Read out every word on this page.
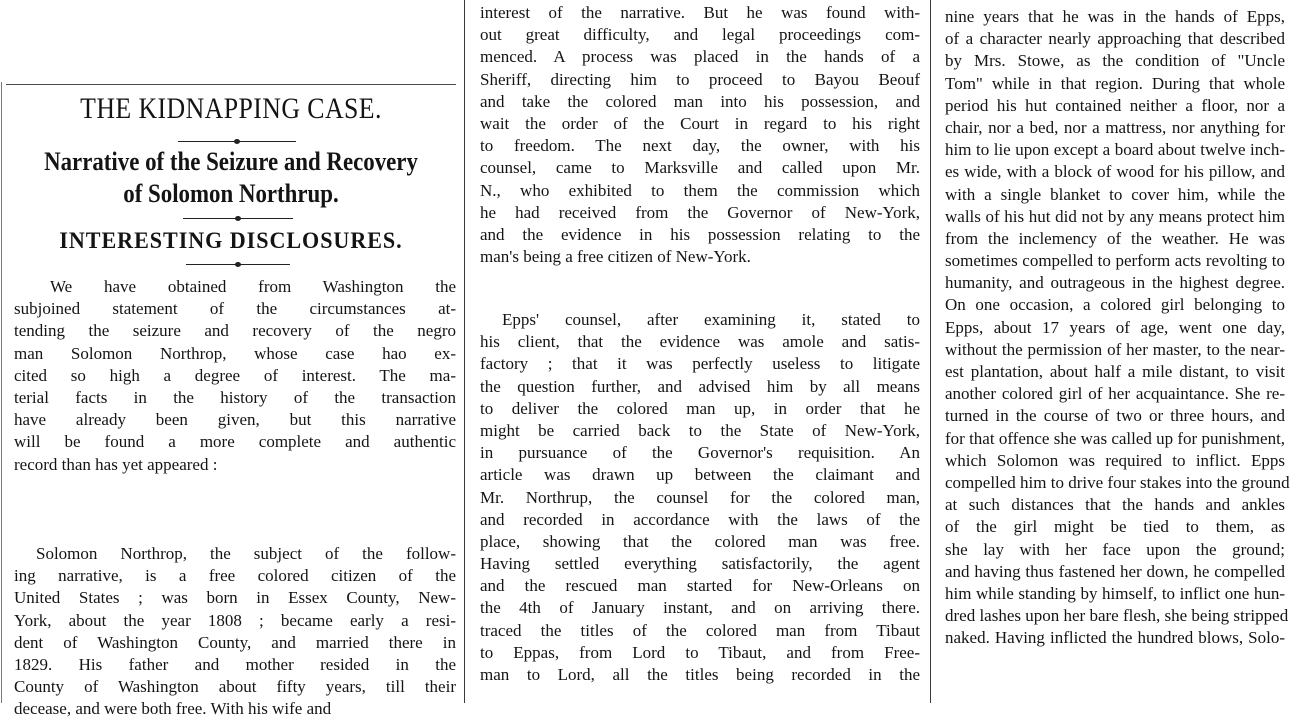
THE KIDNAPPING CASE.
Narrative of the Seizure and Recovery
of Solomon Northrup.
INTERESTING DISCLOSURES.
We have obtained from Washington the
subjoined statement of the circumstances at-
tending the seizure and recovery of the negro
man Solomon Northrop, whose case hao ex-
cited so high a degree of interest. The ma-
terial facts in the history of the transaction
have already been given, but this narrative
will be found a more complete and authentic
record than has yet appeared :
Solomon Northrop, the subject of the follow-
ing narrative, is a free colored citizen of the
United States ; was born in Essex County, New-
York, about the year 1808 ; became early a resi-
dent of Washington County, and married there in
1829. His father and mother resided in the
County of Washington about fifty years, till their
decease, and were both free. With his wife and
interest of the narrative. But he was found with-
out great difficulty, and legal proceedings com-
menced. A process was placed in the hands of a
Sheriff, directing him to proceed to Bayou Beouf
and take the colored man into his possession, and
wait the order of the Court in regard to his right
to freedom. The next day, the owner, with his
counsel, came to Marksville and called upon Mr.
N., who exhibited to them the commission which
he had received from the Governor of New-York,
and the evidence in his possession relating to the
man's being a free citizen of New-York.
Epps' counsel, after examining it, stated to
his client, that the evidence was amole and satis-
factory ; that it was perfectly useless to litigate
the question further, and advised him by all means
to deliver the colored man up, in order that he
might be carried back to the State of New-York,
in pursuance of the Governor's requisition. An
article was drawn up between the claimant and
Mr. Northrup, the counsel for the colored man,
and recorded in accordance with the laws of the
place, showing that the colored man was free.
Having settled everything satisfactorily, the agent
and the rescued man started for New-Orleans on
the 4th of January instant, and on arriving there.
traced the titles of the colored man from Tibaut
to Eppas, from Lord to Tibaut, and from Free-
man to Lord, all the titles being recorded in the
nine years that he was in the hands of Epps,
of a character nearly approaching that described
by Mrs. Stowe, as the condition of "Uncle
Tom" while in that region. During that whole
period his hut contained neither a floor, nor a
chair, nor a bed, nor a mattress, nor anything for
him to lie upon except a board about twelve inch-
es wide, with a block of wood for his pillow, and
with a single blanket to cover him, while the
walls of his hut did not by any means protect him
from the inclemency of the weather. He was
sometimes compelled to perform acts revolting to
humanity, and outrageous in the highest degree.
On one occasion, a colored girl belonging to
Epps, about 17 years of age, went one day,
without the permission of her master, to the near-
est plantation, about half a mile distant, to visit
another colored girl of her acquaintance. She re-
turned in the course of two or three hours, and
for that offence she was called up for punishment,
which Solomon was required to inflict. Epps
compelled him to drive four stakes into the ground
at such distances that the hands and ankles
of the girl might be tied to them, as
she lay with her face upon the ground;
and having thus fastened her down, he compelled
him while standing by himself, to inflict one hun-
dred lashes upon her bare flesh, she being stripped
naked. Having inflicted the hundred blows, Solo-
